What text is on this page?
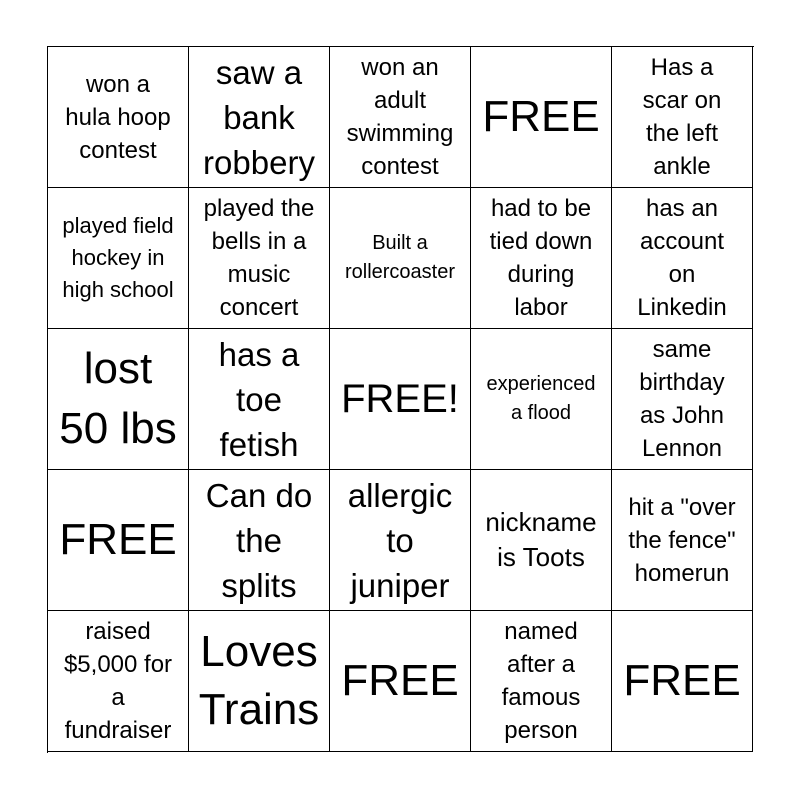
won a
hula hoop
contest
saw a
bank
robbery
won an
adult
swimming
contest
FREE
Has a
scar on
the left
ankle
played field
hockey in
high school
played the
bells in a
music
concert
Built a
rollercoaster
had to be
tied down
during
labor
has an
account
on
Linkedin
lost
50 lbs
has a
toe
fetish
FREE! experienced
a flood
same
birthday
as John
Lennon
FREE
Can do
the
splits
allergic
to
juniper
nickname
is Toots
hit a "over
the fence"
homerun
raised
$5,000 for
a
fundraiser
Loves
Trains
FREE
named
after a
famous
person
FREE
